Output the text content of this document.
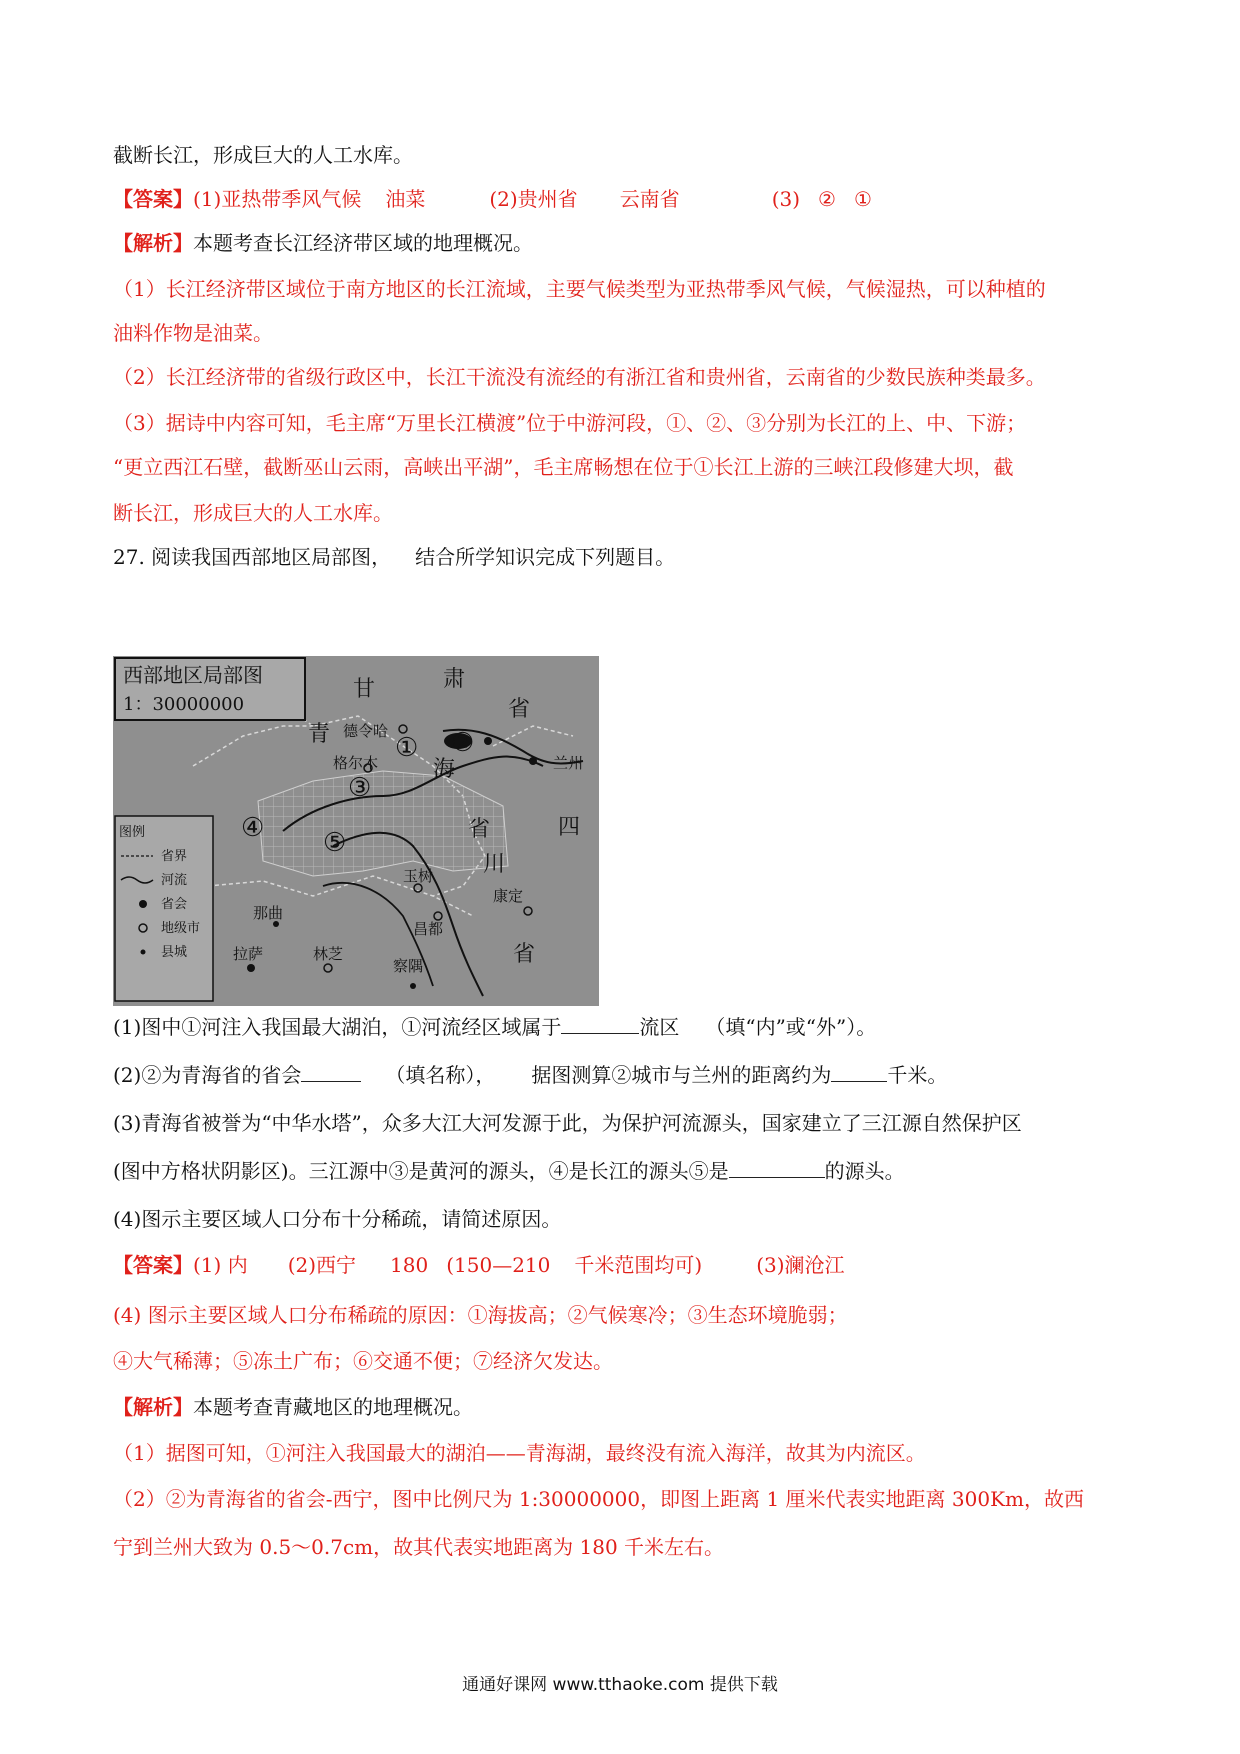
截断长江，形成巨大的人工水库。
【答案】(1)亚热带季风气候 油菜	(2)贵州省 云南省	(3) ② ①
【解析】本题考查长江经济带区域的地理概况。
（1）长江经济带区域位于南方地区的长江流域，主要气候类型为亚热带季风气候，气候湿热，可以种植的
油料作物是油菜。
（2）长江经济带的省级行政区中，长江干流没有流经的有浙江省和贵州省，云南省的少数民族种类最多。
（3）据诗中内容可知，毛主席“万里长江横渡”位于中游河段，①、②、③分别为长江的上、中、下游；
“更立西江石壁，截断巫山云雨，高峡出平湖”，毛主席畅想在位于①长江上游的三峡江段修建大坝，截
断长江，形成巨大的人工水库。
27. 阅读我国西部地区局部图， 结合所学知识完成下列题目。
西部地区局部图
1：30000000
图例
省界
河流
省会
地级市
县城
甘	肃
省
青
海
省	四
川
省
德令哈
格尔木	兰州
玉树
那曲
拉萨	林芝
昌都
康定
察隅
① ②
③
④ ⑤
(1)图中①河注入我国最大湖泊，①河流经区域属于	流区 （填“内”或“外”）。
(2)②为青海省的省会	（填名称）， 据图测算②城市与兰州的距离约为	千米。
(3)青海省被誉为“中华水塔”，众多大江大河发源于此，为保护河流源头，国家建立了三江源自然保护区
(图中方格状阴影区)。三江源中③是黄河的源头，④是长江的源头⑤是	的源头。
(4)图示主要区域人口分布十分稀疏，请简述原因。
【答案】(1) 内 (2)西宁 180 (150—210 千米范围均可)	(3)澜沧江
(4) 图示主要区域人口分布稀疏的原因：①海拔高；②气候寒冷；③生态环境脆弱；
④大气稀薄；⑤冻土广布；⑥交通不便；⑦经济欠发达。
【解析】本题考查青藏地区的地理概况。
（1）据图可知，①河注入我国最大的湖泊——青海湖，最终没有流入海洋，故其为内流区。
（2）②为青海省的省会-西宁，图中比例尺为 1:30000000，即图上距离 1 厘米代表实地距离 300Km，故西
宁到兰州大致为 0.5～0.7cm，故其代表实地距离为 180 千米左右。
通通好课网 www.tthaoke.com 提供下载
